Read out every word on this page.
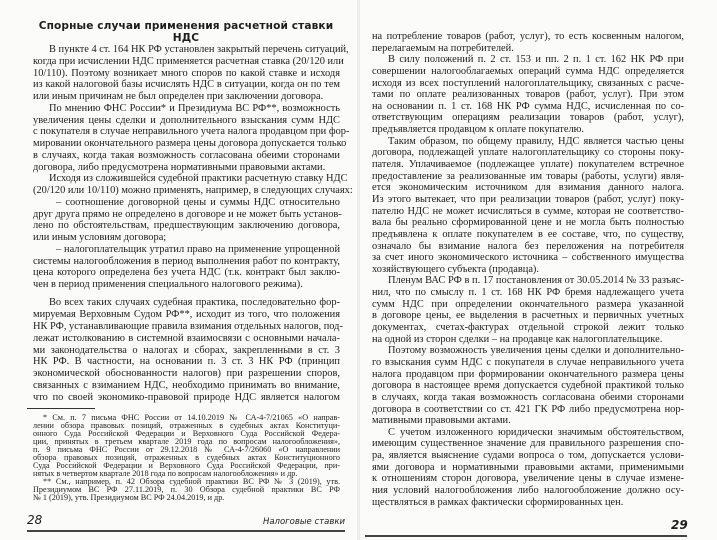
Спорные случаи применения расчетной ставки НДС
В пункте 4 ст. 164 НК РФ установлен закрытый перечень ситуаций,
когда при исчислении НДС применяется расчетная ставка (20/120 или
10/110). Поэтому возникает много споров по какой ставке и исходя
из какой налоговой базы исчислять НДС в ситуации, когда он по тем
или иным причинам не был определен при заключении договора.
По мнению ФНС России* и Президиума ВС РФ**, возможность
увеличения цены сделки и дополнительного взыскания сумм НДС
с покупателя в случае неправильного учета налога продавцом при фор-
мировании окончательного размера цены договора допускается только
в случаях, когда такая возможность согласована обеими сторонами
договора, либо предусмотрена нормативными правовыми актами.
Исходя из сложившейся судебной практики расчетную ставку НДС
(20/120 или 10/110) можно применять, например, в следующих случаях:
– соотношение договорной цены и суммы НДС относительно
друг друга прямо не определено в договоре и не может быть установ-
лено по обстоятельствам, предшествующим заключению договора,
или иным условиям договора;
– налогоплательщик утратил право на применение упрощенной
системы налогообложения в период выполнения работ по контракту,
цена которого определена без учета НДС (т.к. контракт был заклю-
чен в период применения специального налогового режима).
Во всех таких случаях судебная практика, последовательно фор-
мируемая Верховным Судом РФ**, исходит из того, что положения
НК РФ, устанавливающие правила взимания отдельных налогов, под-
лежат истолкованию в системной взаимосвязи с основными начала-
ми законодательства о налогах и сборах, закрепленными в ст. 3
НК РФ. В частности, на основании п. 3 ст. 3 НК РФ (принцип
экономической обоснованности налогов) при разрешении споров,
связанных с взиманием НДС, необходимо принимать во внимание,
что по своей экономико-правовой природе НДС является налогом
* См. п. 7 письма ФНС России от 14.10.2019 № СА-4-7/21065 «О направ-
лении обзора правовых позиций, отраженных в судебных актах Конституци-
онного Суда Российской Федерации и Верховного Суда Российской Федера-
ции, принятых в третьем квартале 2019 года по вопросам налогообложения»,
п. 9 письма ФНС России от 29.12.2018 № СА-4-7/26060 «О направлении
обзора правовых позиций, отраженных в судебных актах Конституционного
Суда Российской Федерации и Верховного Суда Российской Федерации, при-
нятых в четвертом квартале 2018 года по вопросам налогообложения» и др.
** См., например, п. 42 Обзора судебной практики ВС РФ № 3 (2019), утв.
Президиумом ВС РФ 27.11.2019, п. 30 Обзора судебной практики ВС РФ
№ 1 (2019), утв. Президиумом ВС РФ 24.04.2019, и др.
28	Налоговые ставки
на потребление товаров (работ, услуг), то есть косвенным налогом,
перелагаемым на потребителей.
В силу положений п. 2 ст. 153 и пп. 2 п. 1 ст. 162 НК РФ при
совершении налогооблагаемых операций сумма НДС определяется
исходя из всех поступлений налогоплательщику, связанных с расче-
тами по оплате реализованных товаров (работ, услуг). При этом
на основании п. 1 ст. 168 НК РФ сумма НДС, исчисленная по со-
ответствующим операциям реализации товаров (работ, услуг),
предъявляется продавцом к оплате покупателю.
Таким образом, по общему правилу, НДС является частью цены
договора, подлежащей уплате налогоплательщику со стороны поку-
пателя. Уплачиваемое (подлежащее уплате) покупателем встречное
предоставление за реализованные им товары (работы, услуги) явля-
ется экономическим источником для взимания данного налога.
Из этого вытекает, что при реализации товаров (работ, услуг) поку-
пателю НДС не может исчисляться в сумме, которая не соответство-
вала бы реально сформированной цене и не могла быть полностью
предъявлена к оплате покупателем в ее составе, что, по существу,
означало бы взимание налога без переложения на потребителя
за счет иного экономического источника – собственного имущества
хозяйствующего субъекта (продавца).
Пленум ВАС РФ в п. 17 постановления от 30.05.2014 № 33 разъяс-
нил, что по смыслу п. 1 ст. 168 НК РФ бремя надлежащего учета
сумм НДС при определении окончательного размера указанной
в договоре цены, ее выделения в расчетных и первичных учетных
документах, счетах-фактурах отдельной строкой лежит только
на одной из сторон сделки – на продавце как налогоплательщике.
Поэтому возможность увеличения цены сделки и дополнительно-
го взыскания сумм НДС с покупателя в случае неправильного учета
налога продавцом при формировании окончательного размера цены
договора в настоящее время допускается судебной практикой только
в случаях, когда такая возможность согласована обеими сторонами
договора в соответствии со ст. 421 ГК РФ либо предусмотрена нор-
мативными правовыми актами.
С учетом изложенного юридически значимым обстоятельством,
имеющим существенное значение для правильного разрешения спо-
ра, является выяснение судами вопроса о том, допускается услови-
ями договора и нормативными правовыми актами, применимыми
к отношениям сторон договора, увеличение цены в случае измене-
ния условий налогообложения либо налогообложение должно осу-
ществляться в рамках фактически сформированных цен.
29
